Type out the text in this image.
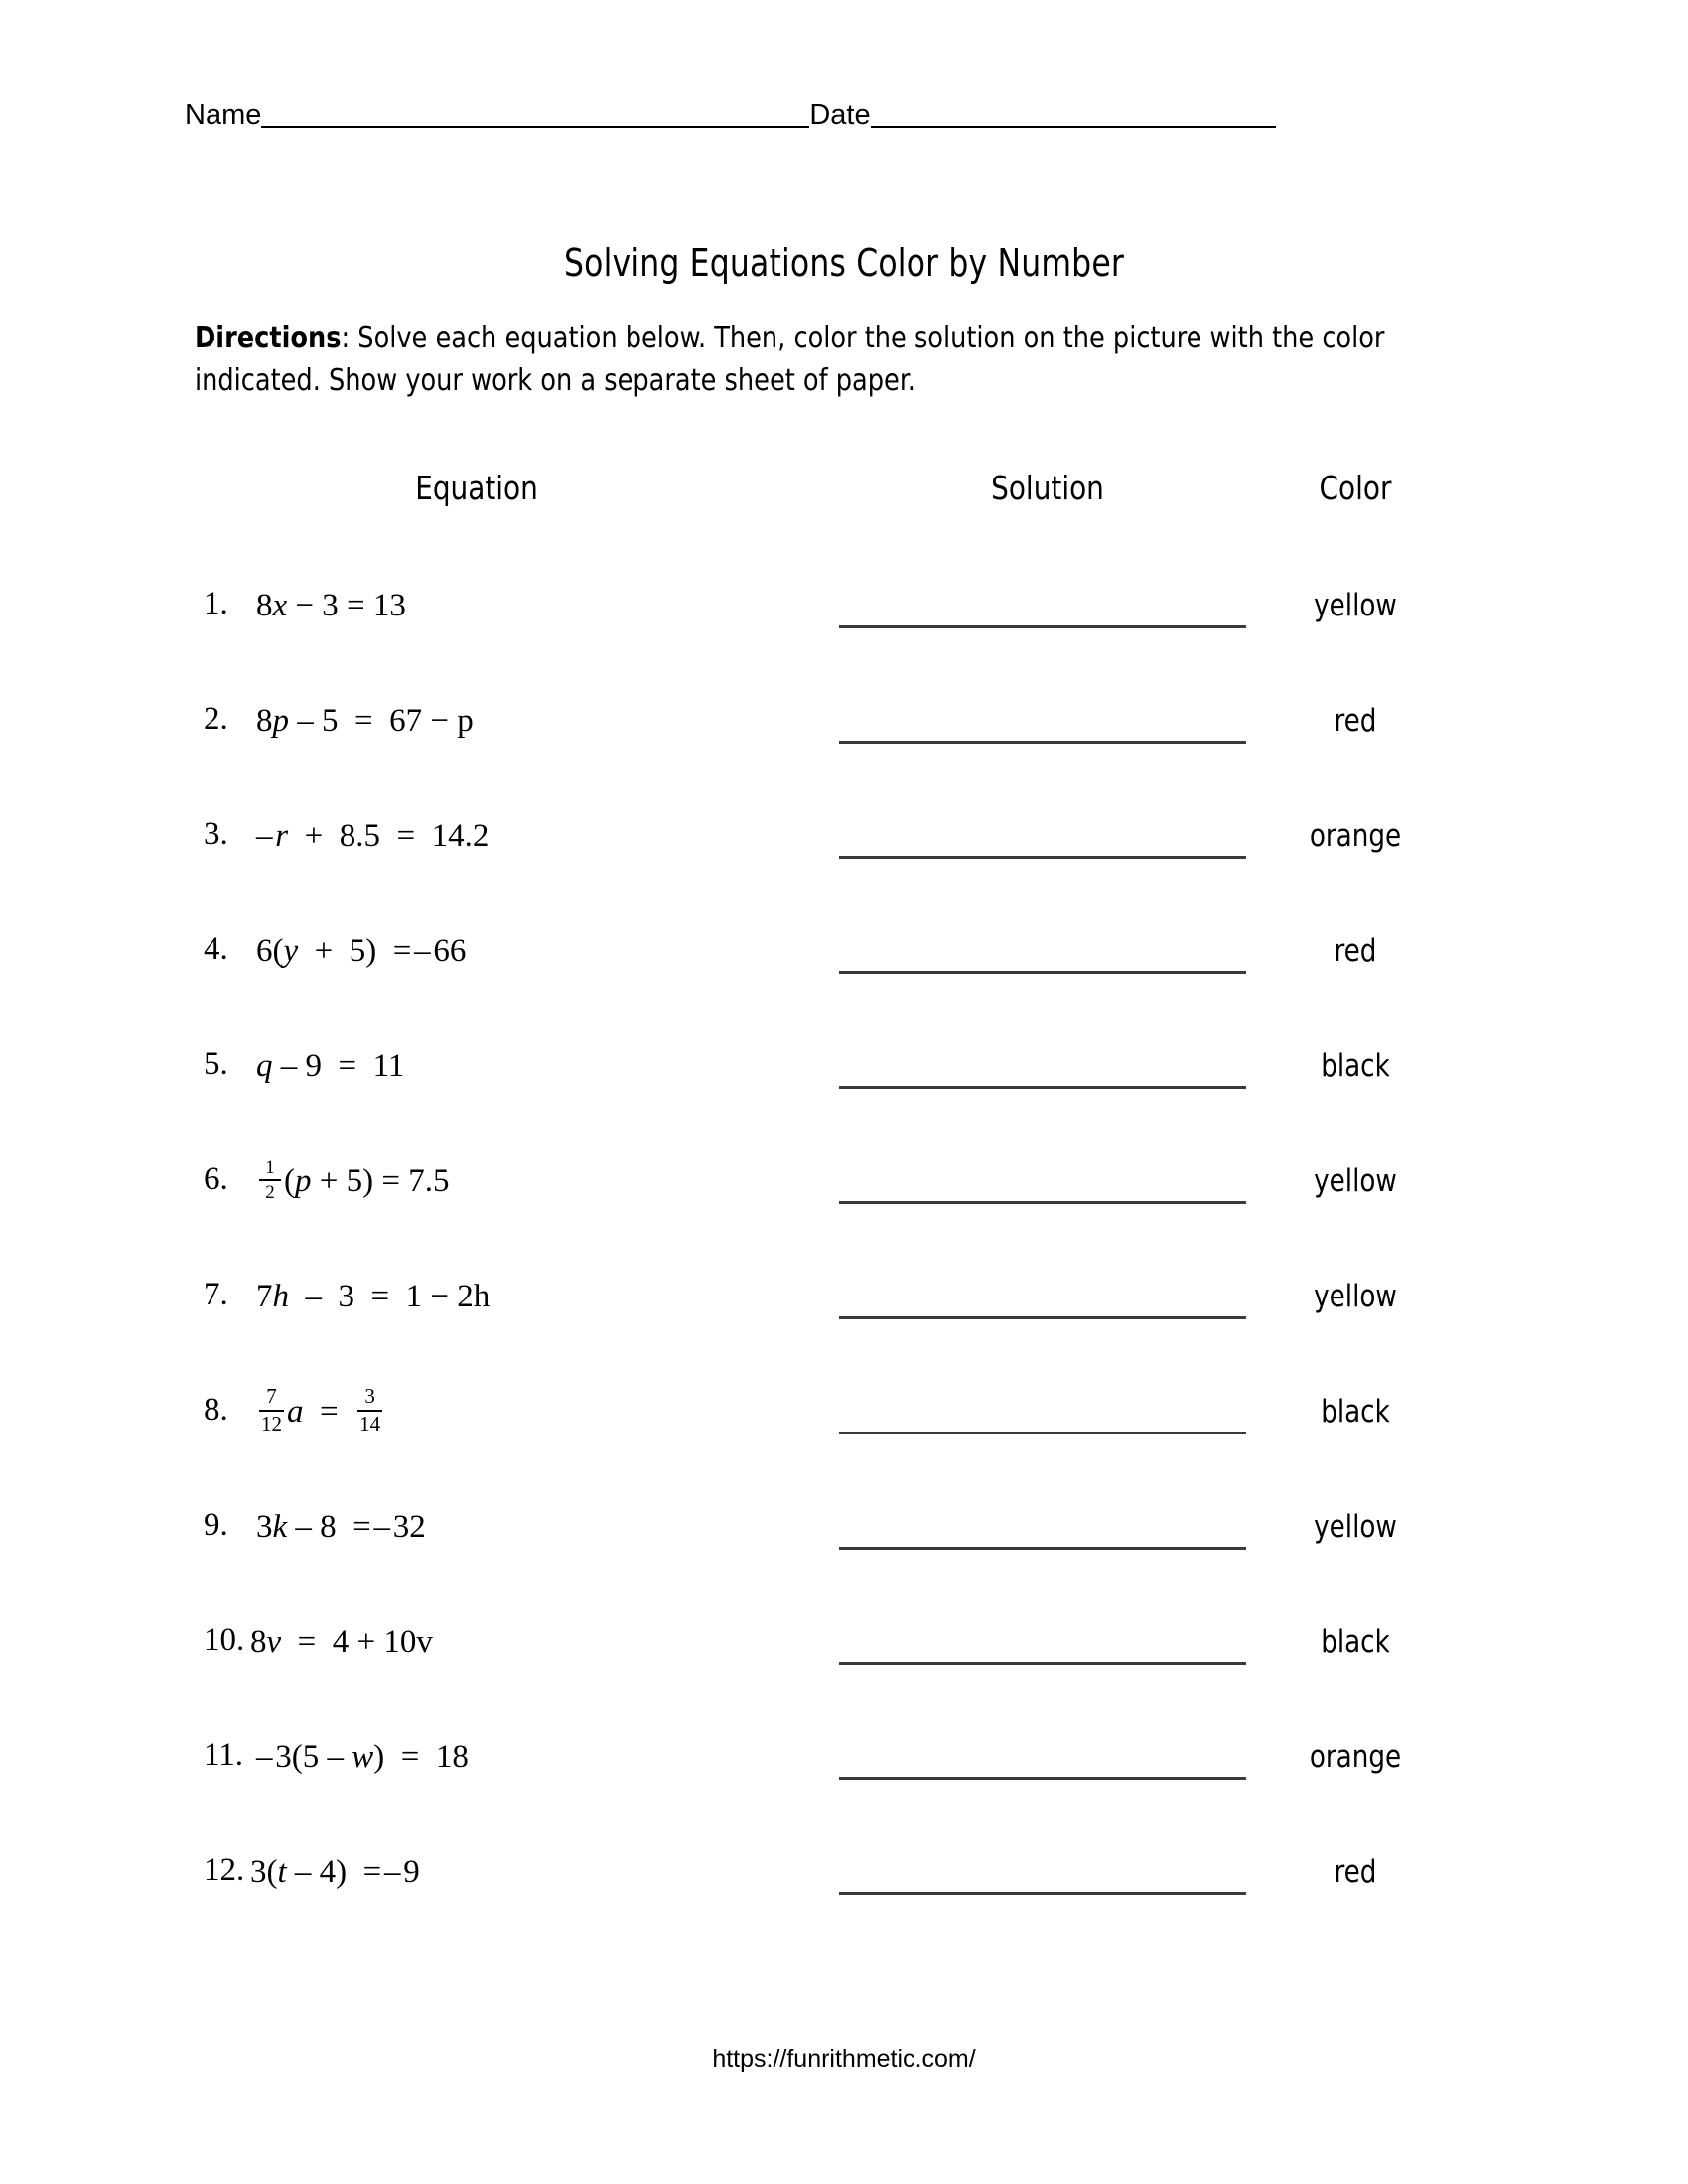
Name	Date
Solving Equations Color by Number
Directions: Solve each equation below. Then, color the solution on the picture with the color indicated. Show your work on a separate sheet of paper.
Equation	Solution	Color
1. 8 x − 3 = 13	yellow
2. 8 p – 5  =  67 − p	red
3. –  r +  8.5  =  14.2	orange
4. 6( y +  5)  = – 66	red
5. q – 9  =  11	black
6.	$\frac{1}{2}$ ( p + 5) = 7.5	yellow
7. 7 h –  3  =  1 − 2h	yellow
8.	$\frac{7}{12}$ $a = \frac{3}{14}$	black
9. 3 k – 8  = – 32	yellow
10. 8 v =  4 + 10v	black
11. – 3(5 – w )  =  18	orange
12. 3( t – 4)  = – 9	red
https://funrithmetic.com/
